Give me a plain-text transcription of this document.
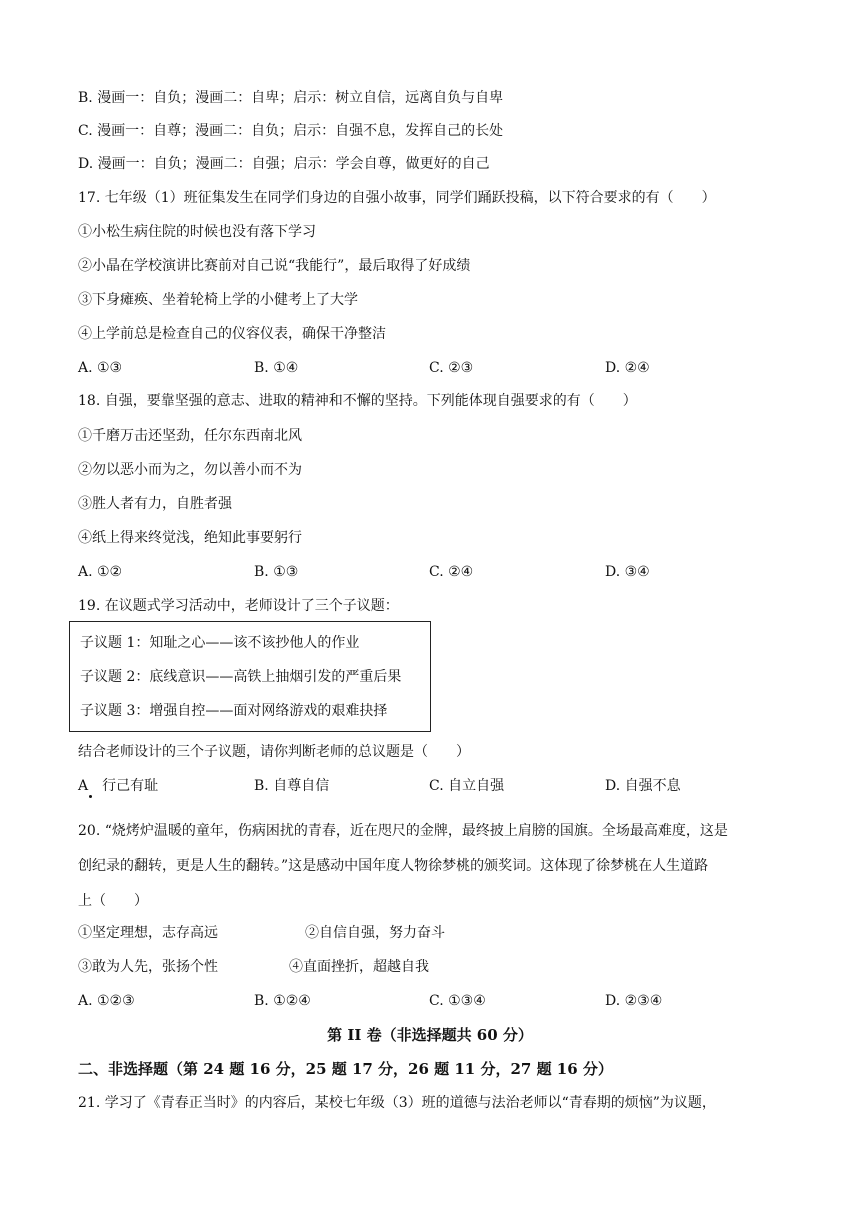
B. 漫画一：自负；漫画二：自卑；启示：树立自信，远离自负与自卑
C. 漫画一：自尊；漫画二：自负；启示：自强不息，发挥自己的长处
D. 漫画一：自负；漫画二：自强；启示：学会自尊，做更好的自己
17. 七年级（1）班征集发生在同学们身边的自强小故事，同学们踊跃投稿，以下符合要求的有（　　）
①小松生病住院的时候也没有落下学习
②小晶在学校演讲比赛前对自己说“我能行”，最后取得了好成绩
③下身瘫痪、坐着轮椅上学的小健考上了大学
④上学前总是检查自己的仪容仪表，确保干净整洁
A. ①③	B. ①④	C. ②③	D. ②④
18. 自强，要靠坚强的意志、进取的精神和不懈的坚持。下列能体现自强要求的有（　　）
①千磨万击还坚劲，任尔东西南北风
②勿以恶小而为之，勿以善小而不为
③胜人者有力，自胜者强
④纸上得来终觉浅，绝知此事要躬行
A. ①②	B. ①③	C. ②④	D. ③④
19. 在议题式学习活动中，老师设计了三个子议题：
子议题 1：知耻之心——该不该抄他人的作业
子议题 2：底线意识——高铁上抽烟引发的严重后果
子议题 3：增强自控——面对网络游戏的艰难抉择
结合老师设计的三个子议题，请你判断老师的总议题是（　　）
A　行己有耻	B. 自尊自信	C. 自立自强	D. 自强不息
20. “烧烤炉温暖的童年，伤病困扰的青春，近在咫尺的金牌，最终披上肩膀的国旗。全场最高难度，这是
创纪录的翻转，更是人生的翻转。”这是感动中国年度人物徐梦桃的颁奖词。这体现了徐梦桃在人生道路
上（　　）
①坚定理想，志存高远	②自信自强，努力奋斗
③敢为人先，张扬个性	④直面挫折，超越自我
A. ①②③	B. ①②④	C. ①③④	D. ②③④
第 II 卷（非选择题共 60 分）
二、非选择题（第 24 题 16 分，25 题 17 分，26 题 11 分，27 题 16 分）
21. 学习了《青春正当时》的内容后，某校七年级（3）班的道德与法治老师以“青春期的烦恼”为议题，
